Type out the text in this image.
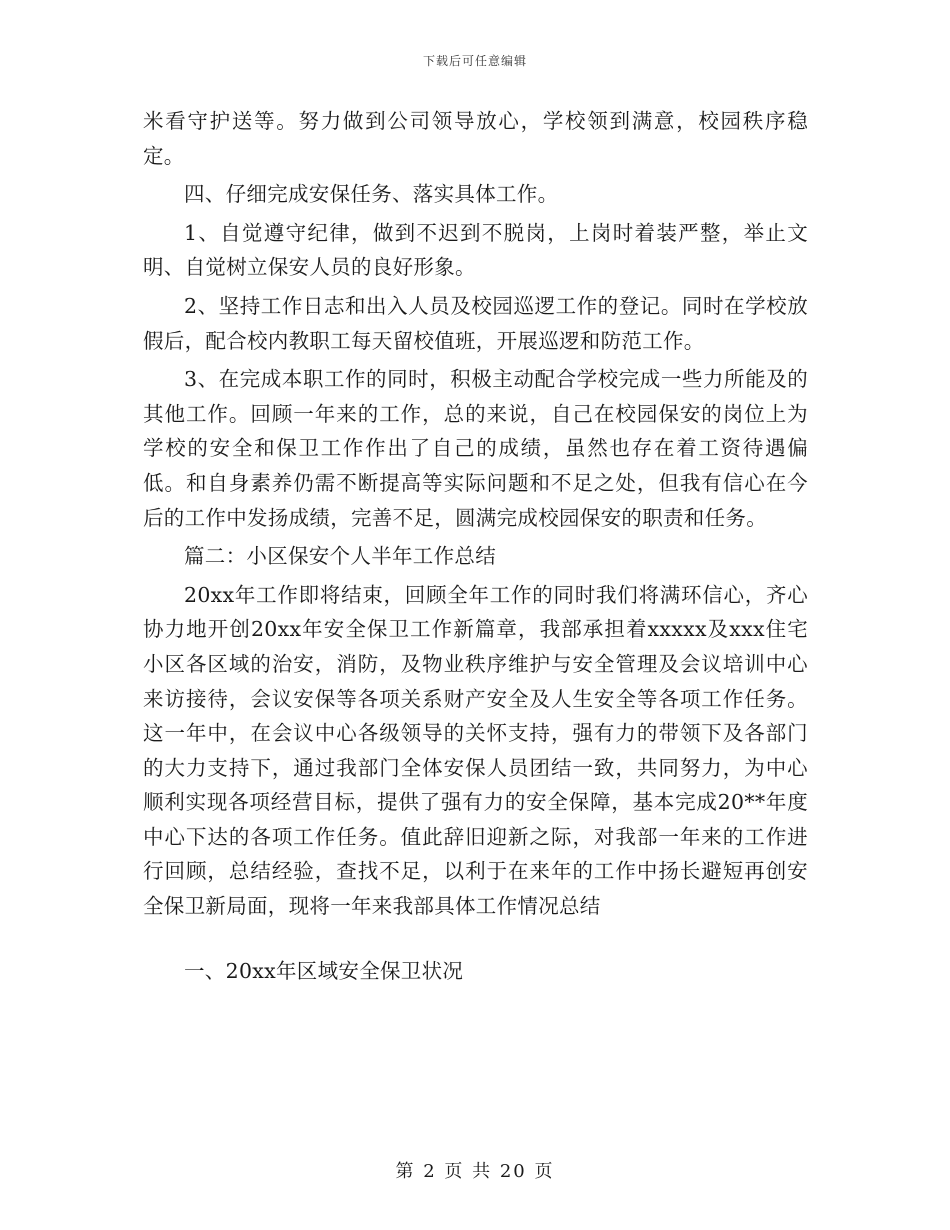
下载后可任意编辑

米看守护送等。努力做到公司领导放心，学校领到满意，校园秩序稳定。

四、仔细完成安保任务、落实具体工作。

1、自觉遵守纪律，做到不迟到不脱岗，上岗时着装严整，举止文明、自觉树立保安人员的良好形象。

2、坚持工作日志和出入人员及校园巡逻工作的登记。同时在学校放假后，配合校内教职工每天留校值班，开展巡逻和防范工作。

3、在完成本职工作的同时，积极主动配合学校完成一些力所能及的其他工作。回顾一年来的工作，总的来说，自己在校园保安的岗位上为学校的安全和保卫工作作出了自己的成绩，虽然也存在着工资待遇偏低。和自身素养仍需不断提高等实际问题和不足之处，但我有信心在今后的工作中发扬成绩，完善不足，圆满完成校园保安的职责和任务。

篇二：小区保安个人半年工作总结

20xx年工作即将结束，回顾全年工作的同时我们将满环信心，齐心协力地开创20xx年安全保卫工作新篇章，我部承担着xxxxx及xxx住宅小区各区域的治安，消防，及物业秩序维护与安全管理及会议培训中心来访接待，会议安保等各项关系财产安全及人生安全等各项工作任务。这一年中，在会议中心各级领导的关怀支持，强有力的带领下及各部门的大力支持下，通过我部门全体安保人员团结一致，共同努力，为中心顺利实现各项经营目标，提供了强有力的安全保障，基本完成20**年度中心下达的各项工作任务。值此辞旧迎新之际，对我部一年来的工作进行回顾，总结经验，查找不足，以利于在来年的工作中扬长避短再创安全保卫新局面，现将一年来我部具体工作情况总结

一、20xx年区域安全保卫状况

第 2 页 共 20 页
